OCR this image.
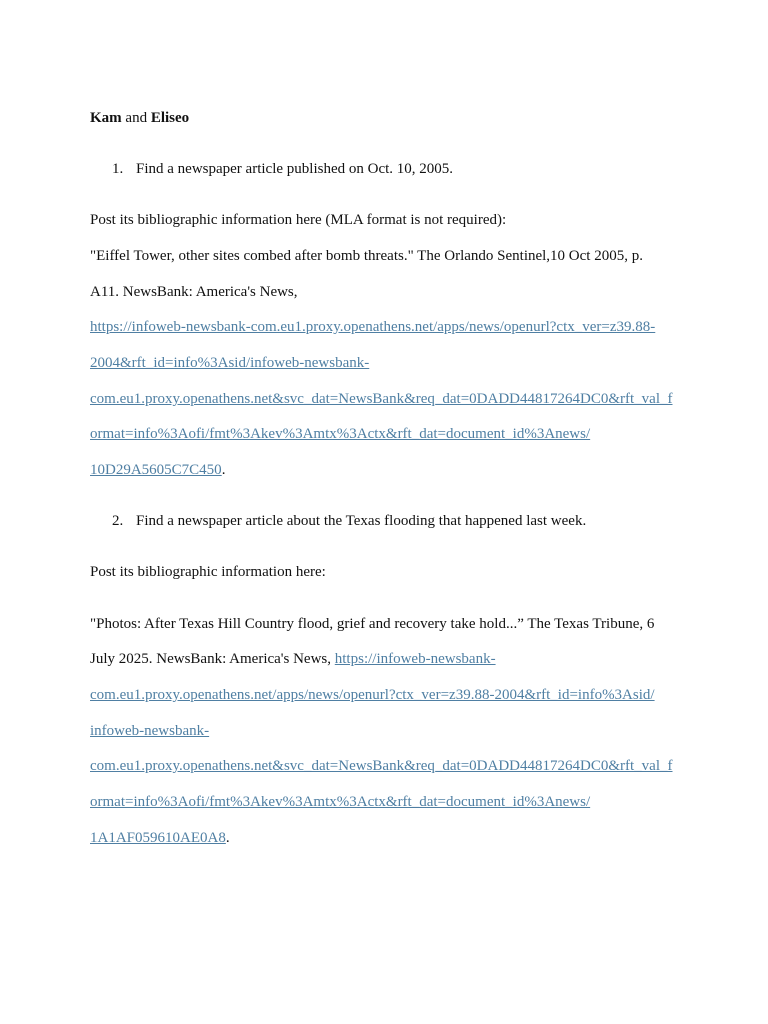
Kam and Eliseo
1. Find a newspaper article published on Oct. 10, 2005.
Post its bibliographic information here (MLA format is not required):
"Eiffel Tower, other sites combed after bomb threats." The Orlando Sentinel,10 Oct 2005, p.
A11. NewsBank: America's News,
https://infoweb-newsbank-com.eu1.proxy.openathens.net/apps/news/openurl?ctx_ver=z39.88-
2004&rft_id=info%3Asid/infoweb-newsbank-
com.eu1.proxy.openathens.net&svc_dat=NewsBank&req_dat=0DADD44817264DC0&rft_val_f
ormat=info%3Aofi/fmt%3Akev%3Amtx%3Actx&rft_dat=document_id%3Anews/
10D29A5605C7C450.
2. Find a newspaper article about the Texas flooding that happened last week.
Post its bibliographic information here:
"Photos: After Texas Hill Country flood, grief and recovery take hold...” The Texas Tribune, 6
July 2025. NewsBank: America's News, https://infoweb-newsbank-
com.eu1.proxy.openathens.net/apps/news/openurl?ctx_ver=z39.88-2004&rft_id=info%3Asid/
infoweb-newsbank-
com.eu1.proxy.openathens.net&svc_dat=NewsBank&req_dat=0DADD44817264DC0&rft_val_f
ormat=info%3Aofi/fmt%3Akev%3Amtx%3Actx&rft_dat=document_id%3Anews/
1A1AF059610AE0A8.
